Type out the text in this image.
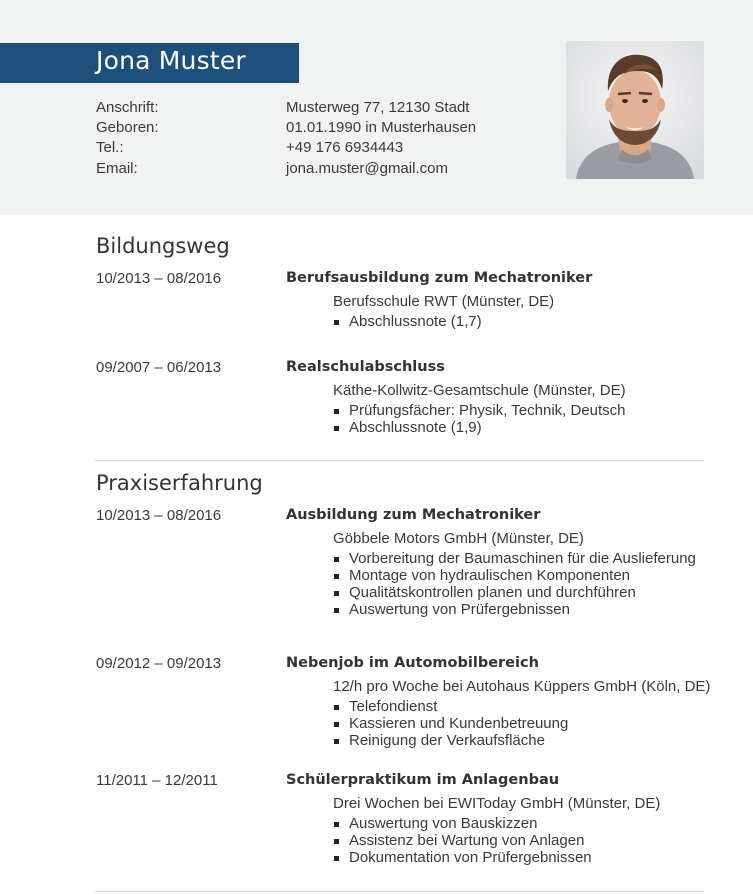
Jona Muster
Anschrift:	Musterweg 77, 12130 Stadt
Geboren:	01.01.1990 in Musterhausen
Tel.:	+49 176 6934443
Email:	jona.muster@gmail.com
Bildungsweg
10/2013 – 08/2016	Berufsausbildung zum Mechatroniker
Berufsschule RWT (Münster, DE)
Abschlussnote (1,7)
09/2007 – 06/2013	Realschulabschluss
Käthe-Kollwitz-Gesamtschule (Münster, DE)
Prüfungsfächer: Physik, Technik, Deutsch
Abschlussnote (1,9)
Praxiserfahrung
10/2013 – 08/2016	Ausbildung zum Mechatroniker
Göbbele Motors GmbH (Münster, DE)
Vorbereitung der Baumaschinen für die Auslieferung
Montage von hydraulischen Komponenten
Qualitätskontrollen planen und durchführen
Auswertung von Prüfergebnissen
09/2012 – 09/2013	Nebenjob im Automobilbereich
12/h pro Woche bei Autohaus Küppers GmbH (Köln, DE)
Telefondienst
Kassieren und Kundenbetreuung
Reinigung der Verkaufsfläche
11/2011 – 12/2011	Schülerpraktikum im Anlagenbau
Drei Wochen bei EWIToday GmbH (Münster, DE)
Auswertung von Bauskizzen
Assistenz bei Wartung von Anlagen
Dokumentation von Prüfergebnissen
